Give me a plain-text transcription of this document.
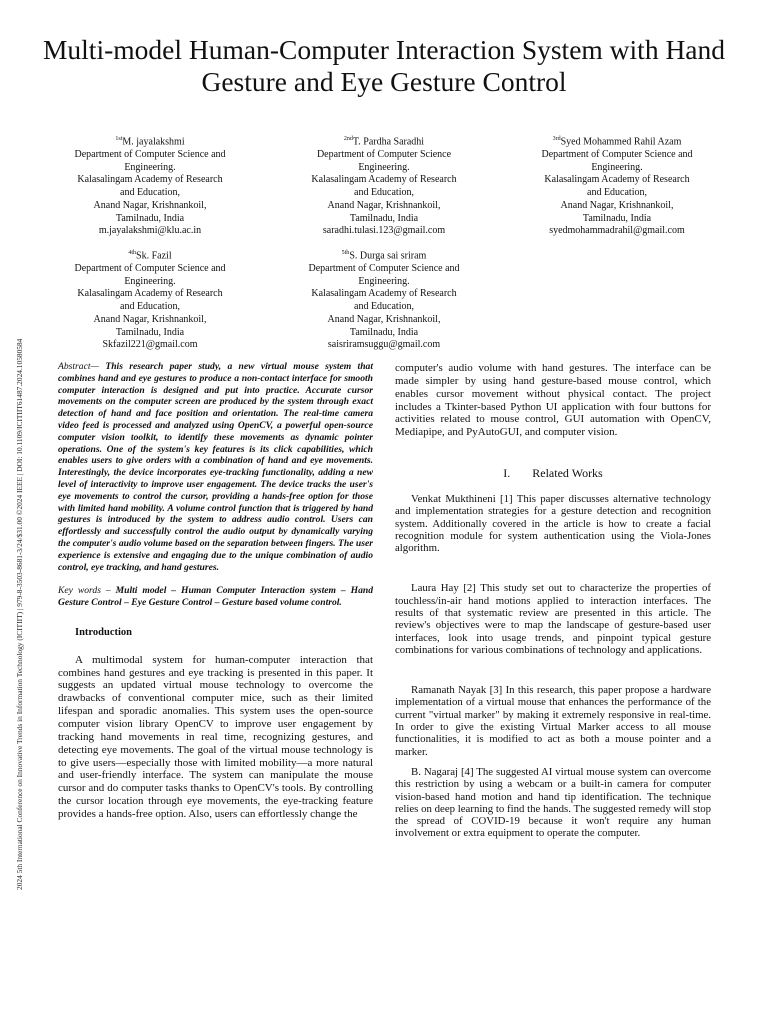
2024 5th International Conference on Innovative Trends in Information Technology (ICITIIT) | 979-8-3503-8681-3/24/$31.00 ©2024 IEEE | DOI: 10.1109/ICITIIT61487.2024.10580584
Multi-model Human-Computer Interaction System with Hand Gesture and Eye Gesture Control
$^{1st}$M. jayalakshmi
Department of Computer Science and
Engineering.
Kalasalingam Academy of Research
and Education,
Anand Nagar, Krishnankoil,
Tamilnadu, India
m.jayalakshmi@klu.ac.in
$^{2nd}$T. Pardha Saradhi
Department of Computer Science
Engineering.
Kalasalingam Academy of Research
and Education,
Anand Nagar, Krishnankoil,
Tamilnadu, India
saradhi.tulasi.123@gmail.com
$^{3rd}$Syed Mohammed Rahil Azam
Department of Computer Science and
Engineering.
Kalasalingam Academy of Research
and Education,
Anand Nagar, Krishnankoil,
Tamilnadu, India
syedmohammadrahil@gmail.com
$^{4th}$Sk. Fazil
Department of Computer Science and
Engineering.
Kalasalingam Academy of Research
and Education,
Anand Nagar, Krishnankoil,
Tamilnadu, India
Skfazil221@gmail.com
$^{5th}$S. Durga sai sriram
Department of Computer Science and
Engineering.
Kalasalingam Academy of Research
and Education,
Anand Nagar, Krishnankoil,
Tamilnadu, India
saisriramsuggu@gmail.com

Abstract— This research paper study, a new virtual mouse system that combines hand and eye gestures to produce a non-contact interface for smooth computer interaction is designed and put into practice. Accurate cursor movements on the computer screen are produced by the system through exact detection of hand and face position and orientation. The real-time camera video feed is processed and analyzed using OpenCV, a powerful open-source computer vision toolkit, to identify these movements as dynamic pointer operations. One of the system's key features is its click capabilities, which enables users to give orders with a combination of hand and eye movements. Interestingly, the device incorporates eye-tracking functionality, adding a new level of interactivity to improve user engagement. The device tracks the user's eye movements to control the cursor, providing a hands-free option for those with limited hand mobility. A volume control function that is triggered by hand gestures is introduced by the system to address audio control. Users can effortlessly and successfully control the audio output by dynamically varying the computer's audio volume based on the separation between fingers. The user experience is extensive and engaging due to the unique combination of audio control, eye tracking, and hand gestures.

Key words – Multi model – Human Computer Interaction system – Hand Gesture Control – Eye Gesture Control – Gesture based volume control.

Introduction

A multimodal system for human-computer interaction that combines hand gestures and eye tracking is presented in this paper. It suggests an updated virtual mouse technology to overcome the drawbacks of conventional computer mice, such as their limited lifespan and sporadic anomalies. This system uses the open-source computer vision library OpenCV to improve user engagement by tracking hand movements in real time, recognizing gestures, and detecting eye movements. The goal of the virtual mouse technology is to give users—especially those with limited mobility—a more natural and user-friendly interface. The system can manipulate the mouse cursor and do computer tasks thanks to OpenCV's tools. By controlling the cursor location through eye movements, the eye-tracking feature provides a hands-free option. Also, users can effortlessly change the

computer's audio volume with hand gestures. The interface can be made simpler by using hand gesture-based mouse control, which enables cursor movement without physical contact. The project includes a Tkinter-based Python UI application with four buttons for activities related to mouse control, GUI automation with OpenCV, Mediapipe, and PyAutoGUI, and computer vision.

I. Related Works

Venkat Mukthineni [1] This paper discusses alternative technology and implementation strategies for a gesture detection and recognition system. Additionally covered in the article is how to create a facial recognition module for system authentication using the Viola-Jones algorithm.

Laura Hay [2] This study set out to characterize the properties of touchless/in-air hand motions applied to interaction interfaces. The results of that systematic review are presented in this article. The review's objectives were to map the landscape of gesture-based user interfaces, look into usage trends, and pinpoint typical gesture combinations for various combinations of technology and applications.

Ramanath Nayak [3] In this research, this paper propose a hardware implementation of a virtual mouse that enhances the performance of the current "virtual marker" by making it extremely responsive in real-time. In order to give the existing Virtual Marker access to all mouse functionalities, it is modified to act as both a mouse pointer and a marker.

B. Nagaraj [4] The suggested AI virtual mouse system can overcome this restriction by using a webcam or a built-in camera for computer vision-based hand motion and hand tip identification. The technique relies on deep learning to find the hands. The suggested remedy will stop the spread of COVID-19 because it won't require any human involvement or extra equipment to operate the computer.
